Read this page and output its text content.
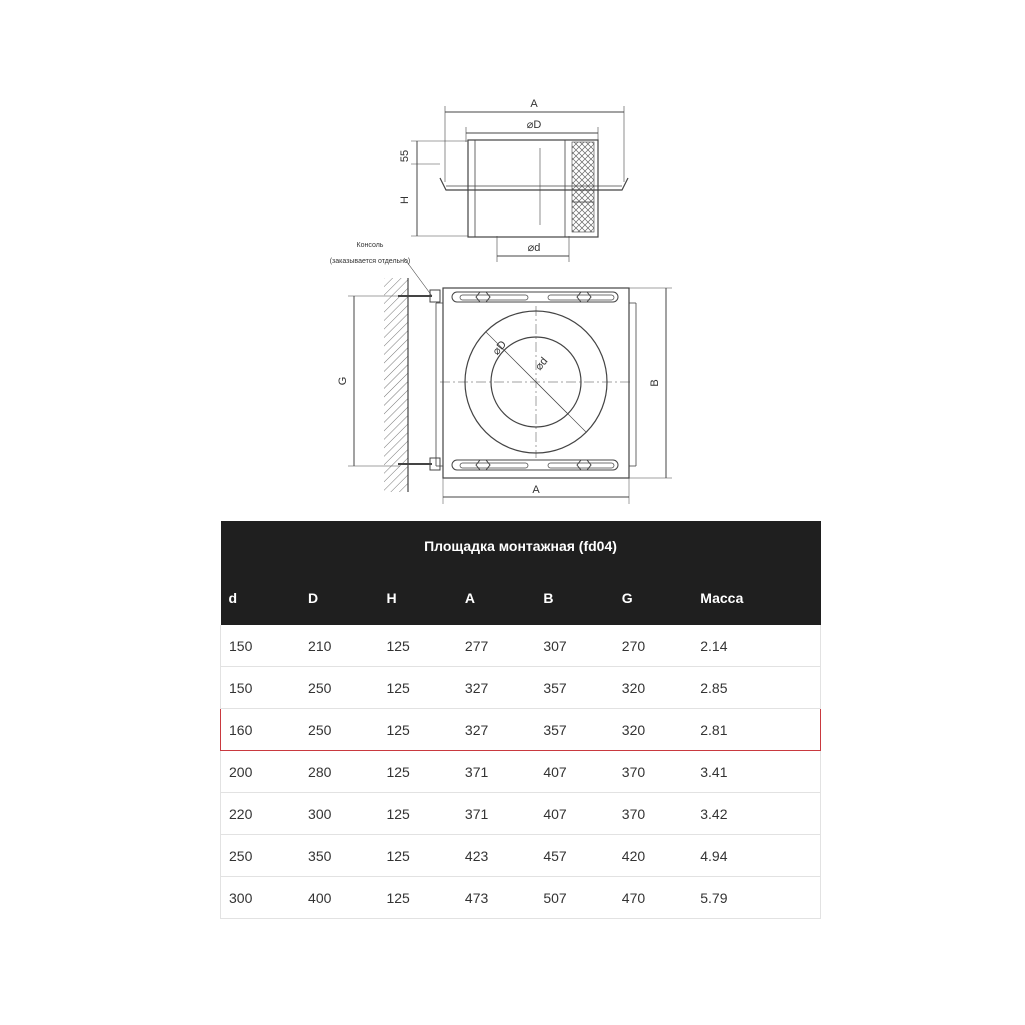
A
⌀D
55
H
⌀d
Консоль
(заказывается отдельно)
G	B
A
⌀D
⌀d
Площадка монтажная (fd04)						
d	D	H	A	B	G	Масса
150	210	125	277	307	270	2.14
150	250	125	327	357	320	2.85
160	250	125	327	357	320	2.81
200	280	125	371	407	370	3.41
220	300	125	371	407	370	3.42
250	350	125	423	457	420	4.94
300	400	125	473	507	470	5.79
